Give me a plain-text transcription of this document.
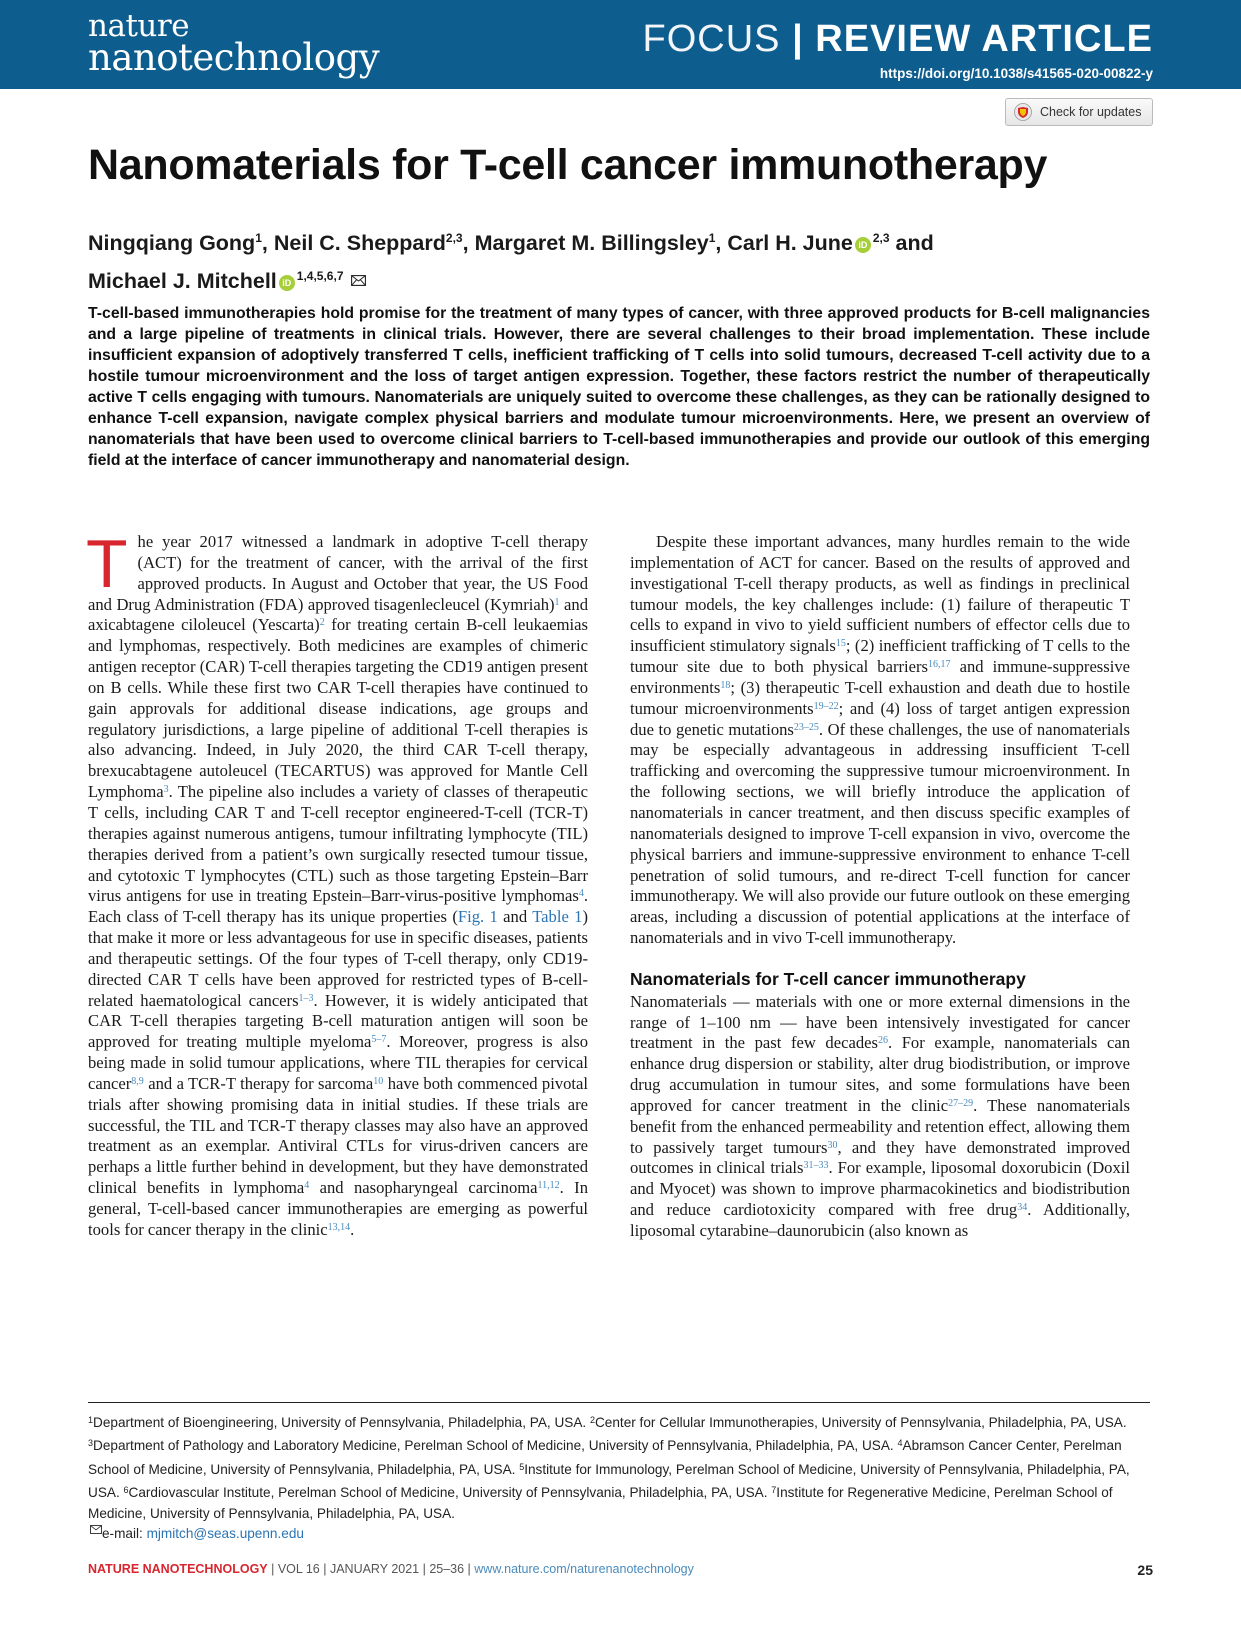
nature
nanotechnology	FOCUS | REVIEW ARTICLE
https://doi.org/10.1038/s41565-020-00822-y
Check for updates
Nanomaterials for T-cell cancer immunotherapy
Ningqiang Gong$^1$, Neil C. Sheppard$^{2,3}$, Margaret M. Billingsley$^1$, Carl H. June iD $^{2,3}$ and
Michael J. Mitchell iD $^{1,4,5,6,7}$
T-cell-based immunotherapies hold promise for the treatment of many types of cancer, with three approved products for B-cell malignancies and a large pipeline of treatments in clinical trials. However, there are several challenges to their broad implementation. These include insufficient expansion of adoptively transferred T cells, inefficient trafficking of T cells into solid tumours, decreased T-cell activity due to a hostile tumour microenvironment and the loss of target antigen expression. Together, these factors restrict the number of therapeutically active T cells engaging with tumours. Nanomaterials are uniquely suited to overcome these challenges, as they can be rationally designed to enhance T-cell expansion, navigate complex physical barriers and modulate tumour microenvironments. Here, we present an overview of nanomaterials that have been used to overcome clinical barriers to T-cell-based immunotherapies and provide our outlook of this emerging field at the interface of cancer immunotherapy and nanomaterial design.

The year 2017 witnessed a landmark in adoptive T-cell therapy (ACT) for the treatment of cancer, with the arrival of the first approved products. In August and October that year, the US Food and Drug Administration (FDA) approved tisagenlecleucel (Kymriah)$^1$ and axicabtagene ciloleucel (Yescarta)$^2$ for treating certain B-cell leukaemias and lymphomas, respectively. Both medicines are examples of chimeric antigen receptor (CAR) T-cell therapies targeting the CD19 antigen present on B cells. While these first two CAR T-cell therapies have continued to gain approvals for additional disease indications, age groups and regulatory jurisdictions, a large pipeline of additional T-cell therapies is also advancing. Indeed, in July 2020, the third CAR T-cell therapy, brexucabtagene autoleucel (TECARTUS) was approved for Mantle Cell Lymphoma$^3$. The pipeline also includes a variety of classes of therapeutic T cells, including CAR T and T-cell receptor engineered-T-cell (TCR-T) therapies against numerous antigens, tumour infiltrating lymphocyte (TIL) therapies derived from a patient’s own surgically resected tumour tissue, and cytotoxic T lymphocytes (CTL) such as those targeting Epstein–Barr virus antigens for use in treating Epstein–Barr-virus-positive lymphomas$^4$. Each class of T-cell therapy has its unique properties (Fig. 1 and Table 1) that make it more or less advantageous for use in specific diseases, patients and therapeutic settings. Of the four types of T-cell therapy, only CD19-directed CAR T cells have been approved for restricted types of B-cell-related haematological cancers$^{1-3}$. However, it is widely anticipated that CAR T-cell therapies targeting B-cell maturation antigen will soon be approved for treating multiple myeloma$^{5-7}$. Moreover, progress is also being made in solid tumour applications, where TIL therapies for cervical cancer$^{8,9}$ and a TCR-T therapy for sarcoma$^{10}$ have both commenced pivotal trials after showing promising data in initial studies. If these trials are successful, the TIL and TCR-T therapy classes may also have an approved treatment as an exemplar. Antiviral CTLs for virus-driven cancers are perhaps a little further behind in development, but they have demonstrated clinical benefits in lymphoma$^4$ and nasopharyngeal carcinoma$^{11,12}$. In general, T-cell-based cancer immunotherapies are emerging as powerful tools for cancer therapy in the clinic$^{13,14}$.

Despite these important advances, many hurdles remain to the wide implementation of ACT for cancer. Based on the results of approved and investigational T-cell therapy products, as well as findings in preclinical tumour models, the key challenges include: (1) failure of therapeutic T cells to expand in vivo to yield sufficient numbers of effector cells due to insufficient stimulatory signals$^{15}$; (2) inefficient trafficking of T cells to the tumour site due to both physical barriers$^{16,17}$ and immune-suppressive environments$^{18}$; (3) therapeutic T-cell exhaustion and death due to hostile tumour microenvironments$^{19-22}$; and (4) loss of target antigen expression due to genetic mutations$^{23-25}$. Of these challenges, the use of nanomaterials may be especially advantageous in addressing insufficient T-cell trafficking and overcoming the suppressive tumour microenvironment. In the following sections, we will briefly introduce the application of nanomaterials in cancer treatment, and then discuss specific examples of nanomaterials designed to improve T-cell expansion in vivo, overcome the physical barriers and immune-suppressive environment to enhance T-cell penetration of solid tumours, and re-direct T-cell function for cancer immunotherapy. We will also provide our future outlook on these emerging areas, including a discussion of potential applications at the interface of nanomaterials and in vivo T-cell immunotherapy.

Nanomaterials for T-cell cancer immunotherapy

Nanomaterials — materials with one or more external dimensions in the range of 1–100 nm — have been intensively investigated for cancer treatment in the past few decades$^{26}$. For example, nanomaterials can enhance drug dispersion or stability, alter drug biodistribution, or improve drug accumulation in tumour sites, and some formulations have been approved for cancer treatment in the clinic$^{27-29}$. These nanomaterials benefit from the enhanced permeability and retention effect, allowing them to passively target tumours$^{30}$, and they have demonstrated improved outcomes in clinical trials$^{31-33}$. For example, liposomal doxorubicin (Doxil and Myocet) was shown to improve pharmacokinetics and biodistribution and reduce cardiotoxicity compared with free drug$^{34}$. Additionally, liposomal cytarabine–daunorubicin (also known as

$^1$Department of Bioengineering, University of Pennsylvania, Philadelphia, PA, USA. $^2$Center for Cellular Immunotherapies, University of Pennsylvania, Philadelphia, PA, USA. $^3$Department of Pathology and Laboratory Medicine, Perelman School of Medicine, University of Pennsylvania, Philadelphia, PA, USA. $^4$Abramson Cancer Center, Perelman School of Medicine, University of Pennsylvania, Philadelphia, PA, USA. $^5$Institute for Immunology, Perelman School of Medicine, University of Pennsylvania, Philadelphia, PA, USA. $^6$Cardiovascular Institute, Perelman School of Medicine, University of Pennsylvania, Philadelphia, PA, USA. $^7$Institute for Regenerative Medicine, Perelman School of Medicine, University of Pennsylvania, Philadelphia, PA, USA.
e-mail: mjmitch@seas.upenn.edu
NATURE NANOTECHNOLOGY | VOL 16 | JANUARY 2021 | 25–36 | www.nature.com/naturenanotechnology	25
